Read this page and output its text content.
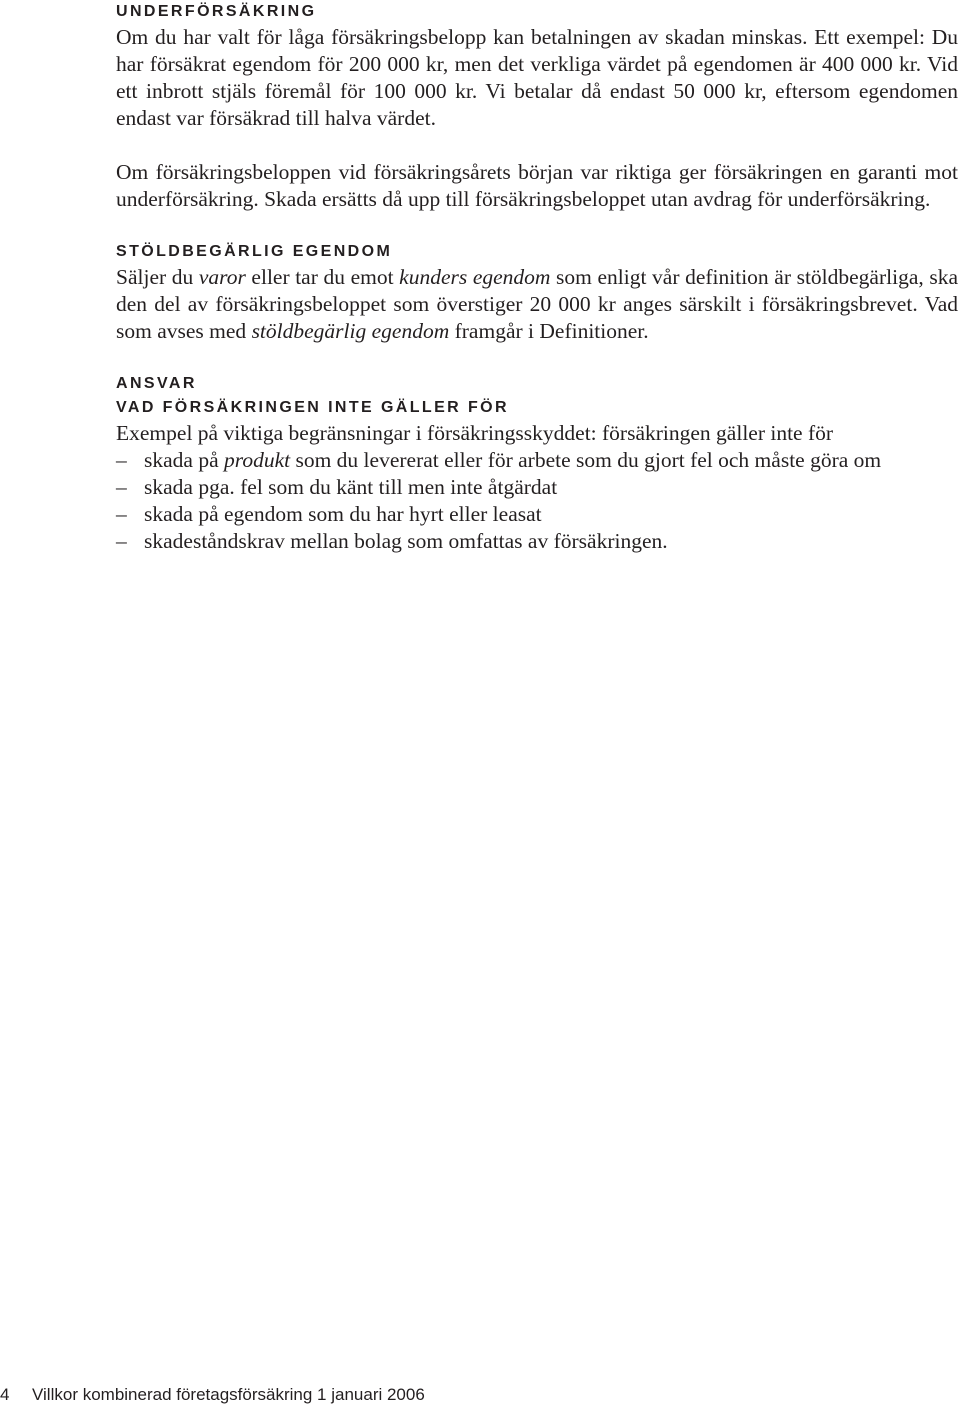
UNDERFÖRSÄKRING

Om du har valt för låga försäkringsbelopp kan betalningen av skadan minskas. Ett exempel: Du har försäkrat egendom för 200 000 kr, men det verkliga värdet på egendomen är 400 000 kr. Vid ett inbrott stjäls föremål för 100 000 kr. Vi betalar då endast 50 000 kr, eftersom egendomen endast var försäkrad till halva värdet.

Om försäkringsbeloppen vid försäkringsårets början var riktiga ger försäkringen en garanti mot underförsäkring. Skada ersätts då upp till försäkringsbeloppet utan avdrag för underförsäkring.

STÖLDBEGÄRLIG EGENDOM

Säljer du varor eller tar du emot kunders egendom som enligt vår definition är stöldbegärliga, ska den del av försäkringsbeloppet som överstiger 20 000 kr anges särskilt i försäkringsbrevet. Vad som avses med stöldbegärlig egendom framgår i Definitioner.

ANSVAR
VAD FÖRSÄKRINGEN INTE GÄLLER FÖR

Exempel på viktiga begränsningar i försäkringsskyddet: försäkringen gäller inte för

– skada på produkt som du levererat eller för arbete som du gjort fel och måste göra om
– skada pga. fel som du känt till men inte åtgärdat
– skada på egendom som du har hyrt eller leasat
– skadeståndskrav mellan bolag som omfattas av försäkringen.
4 Villkor kombinerad företagsförsäkring 1 januari 2006
